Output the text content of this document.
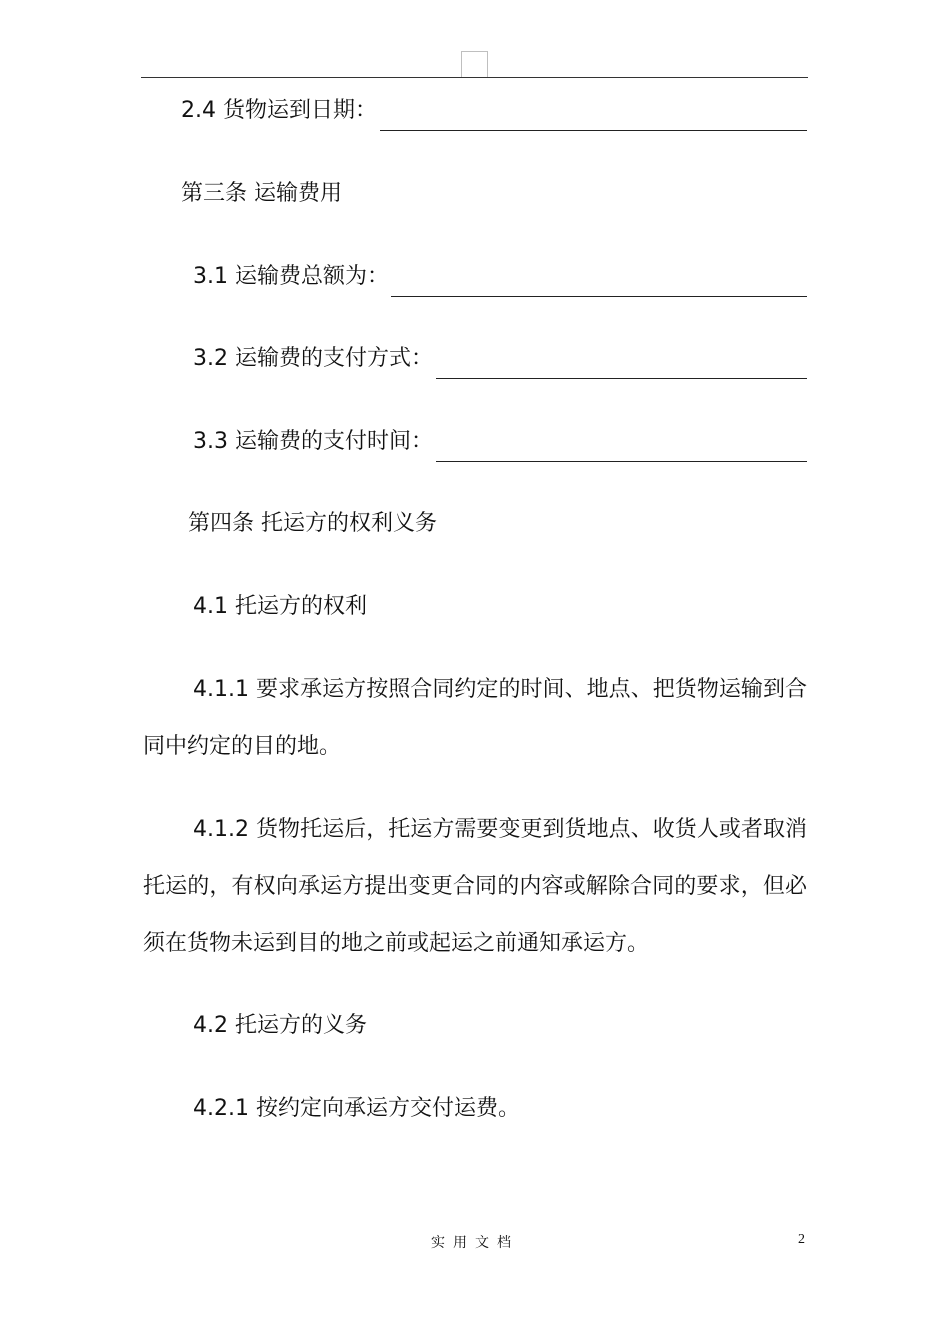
2.4 货物运到日期：
第三条 运输费用
3.1 运输费总额为：
3.2 运输费的支付方式：
3.3 运输费的支付时间：
第四条 托运方的权利义务
4.1 托运方的权利
4.1.1 要求承运方按照合同约定的时间、地点、把货物运输到合
同中约定的目的地。
4.1.2 货物托运后，托运方需要变更到货地点、收货人或者取消
托运的，有权向承运方提出变更合同的内容或解除合同的要求，但必
须在货物未运到目的地之前或起运之前通知承运方。
4.2 托运方的义务
4.2.1 按约定向承运方交付运费。
实用文档	2
